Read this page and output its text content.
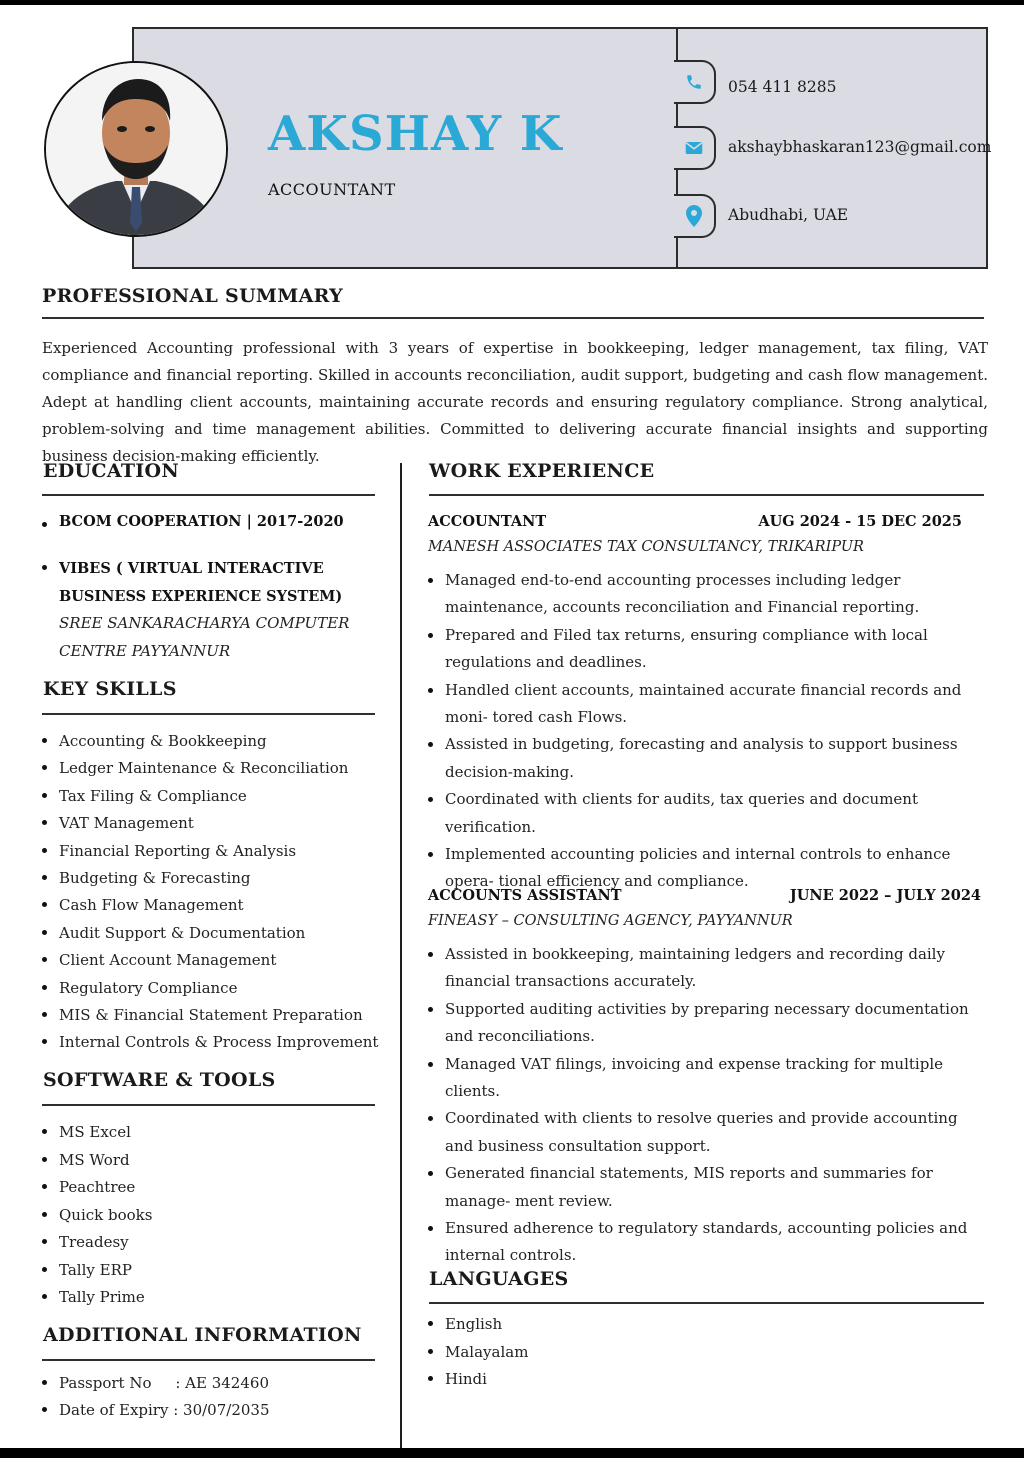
AKSHAY K
ACCOUNTANT
054 411 8285
akshaybhaskaran123@gmail.com
Abudhabi, UAE
PROFESSIONAL SUMMARY

Experienced Accounting professional with 3 years of expertise in bookkeeping, ledger management, tax filing, VAT compliance and financial reporting. Skilled in accounts reconciliation, audit support, budgeting and cash flow management. Adept at handling client accounts, maintaining accurate records and ensuring regulatory compliance. Strong analytical, problem-solving and time management abilities. Committed to delivering accurate financial insights and supporting business decision-making efficiently.

EDUCATION
BCOM COOPERATION | 2017-2020
VIBES ( VIRTUAL INTERACTIVE BUSINESS EXPERIENCE SYSTEM)
SREE SANKARACHARYA COMPUTER CENTRE PAYYANNUR
KEY SKILLS
Accounting & Bookkeeping
Ledger Maintenance & Reconciliation
Tax Filing & Compliance
VAT Management
Financial Reporting & Analysis
Budgeting & Forecasting
Cash Flow Management
Audit Support & Documentation
Client Account Management
Regulatory Compliance
MIS & Financial Statement Preparation
Internal Controls & Process Improvement
SOFTWARE & TOOLS
MS Excel
MS Word
Peachtree
Quick books
Treadesy
Tally ERP
Tally Prime
ADDITIONAL INFORMATION
Passport No     : AE 342460
Date of Expiry : 30/07/2035
WORK EXPERIENCE
ACCOUNTANT	AUG 2024 - 15 DEC 2025
MANESH ASSOCIATES TAX CONSULTANCY, TRIKARIPUR
Managed end-to-end accounting processes including ledger maintenance, accounts reconciliation and Financial reporting.
Prepared and Filed tax returns, ensuring compliance with local regulations and deadlines.
Handled client accounts, maintained accurate financial records and moni- tored cash Flows.
Assisted in budgeting, forecasting and analysis to support business decision-making.
Coordinated with clients for audits, tax queries and document verification.
Implemented accounting policies and internal controls to enhance opera- tional efficiency and compliance.
ACCOUNTS ASSISTANT	JUNE 2022 – JULY 2024
FINEASY – CONSULTING AGENCY, PAYYANNUR
Assisted in bookkeeping, maintaining ledgers and recording daily financial transactions accurately.
Supported auditing activities by preparing necessary documentation and reconciliations.
Managed VAT filings, invoicing and expense tracking for multiple clients.
Coordinated with clients to resolve queries and provide accounting and business consultation support.
Generated financial statements, MIS reports and summaries for manage- ment review.
Ensured adherence to regulatory standards, accounting policies and internal controls.
LANGUAGES
English
Malayalam
Hindi
